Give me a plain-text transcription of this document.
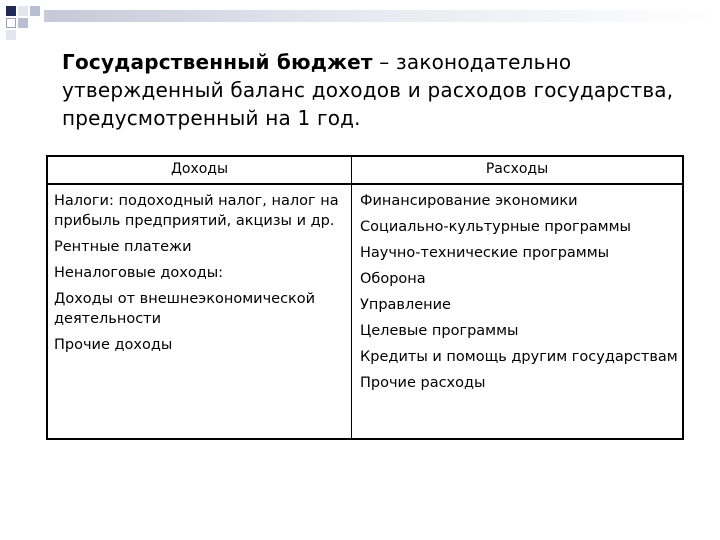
Государственный бюджет – законодательно утвержденный баланс доходов и расходов государства, предусмотренный на 1 год.
Доходы	Расходы
Налоги: подоходный налог, налог на прибыль предприятий, акцизы и др.
Рентные платежи
Неналоговые доходы:
Доходы от внешнеэкономической деятельности
Прочие доходы
Финансирование экономики
Социально-культурные программы
Научно-технические программы
Оборона
Управление
Целевые программы
Кредиты и помощь другим государствам
Прочие расходы
